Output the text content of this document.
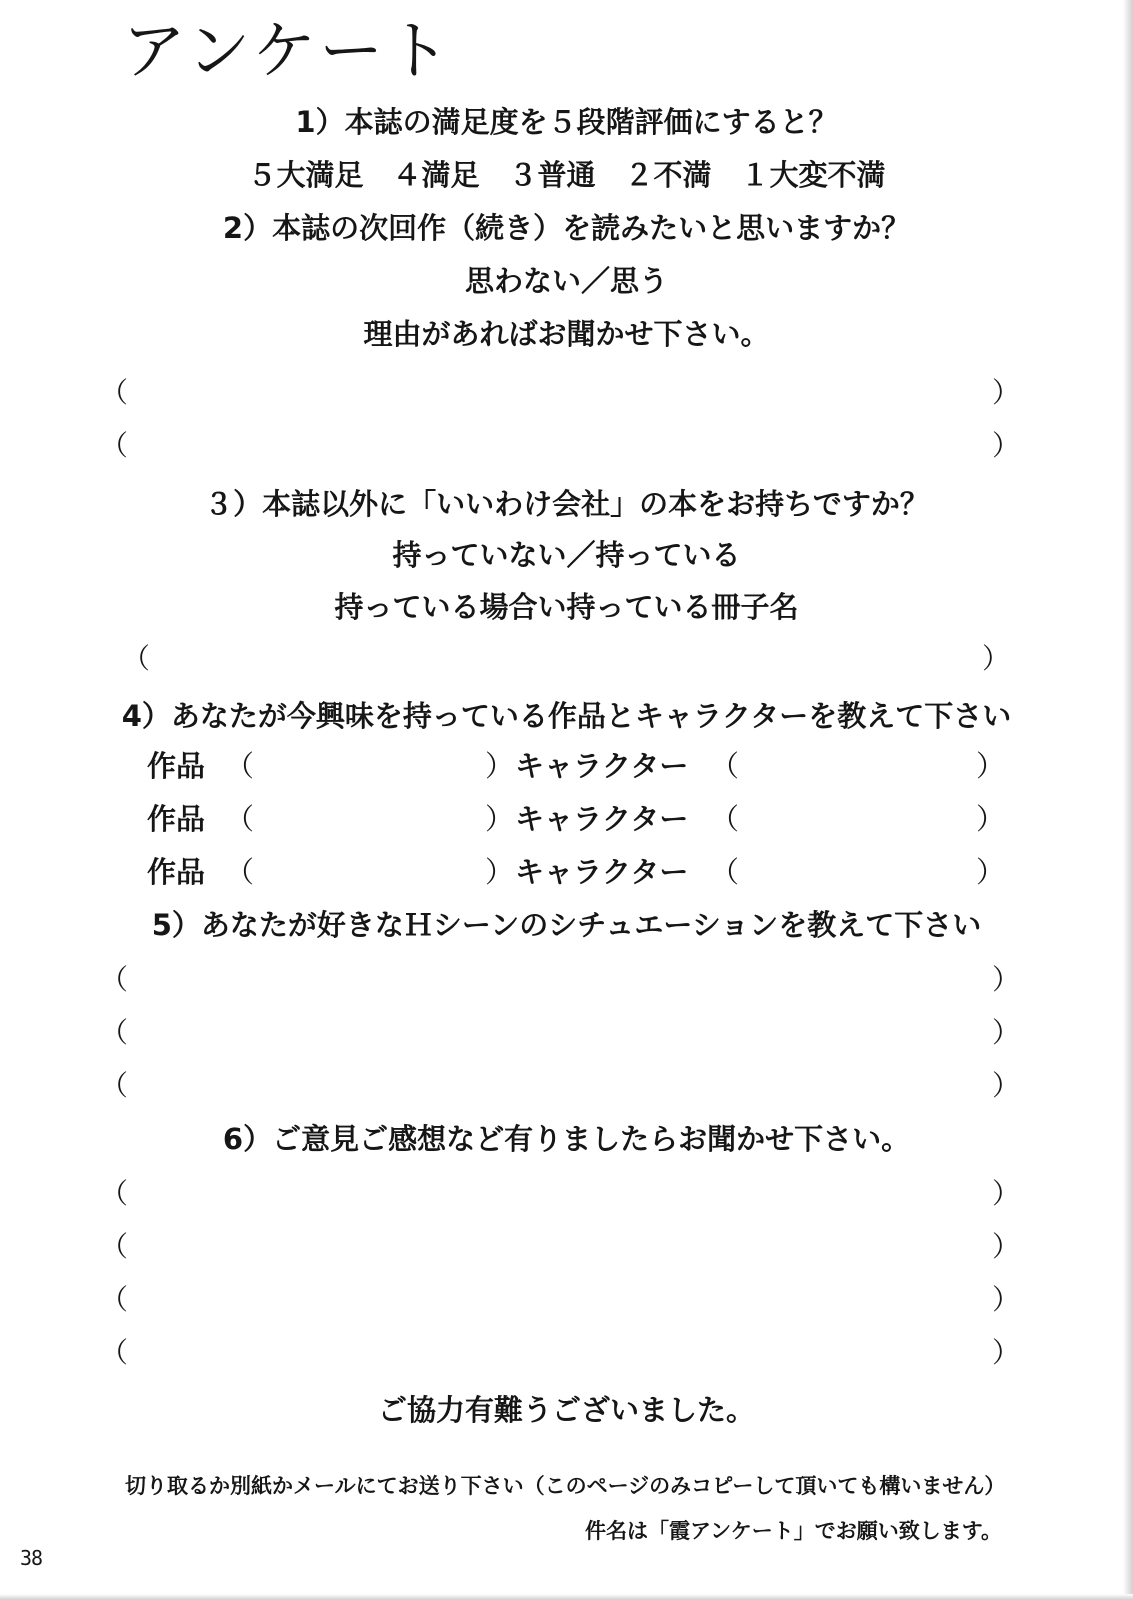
アンケート
1）本誌の満足度を５段階評価にすると？
５大満足　４満足　３普通　２不満　１大変不満
2）本誌の次回作（続き）を読みたいと思いますか？
思わない／思う
理由があればお聞かせ下さい。
（	）
（	）
３）本誌以外に「いいわけ会社」の本をお持ちですか？
持っていない／持っている
持っている場合い持っている冊子名
（	）
4）あなたが今興味を持っている作品とキャラクターを教えて下さい
作品 （	） キャラクター （	）
作品 （	） キャラクター （	）
作品 （	） キャラクター （	）
5）あなたが好きなＨシーンのシチュエーションを教えて下さい
（	）
（	）
（	）
6）ご意見ご感想など有りましたらお聞かせ下さい。
（	）
（	）
（	）
（	）
ご協力有難うございました。
切り取るか別紙かメールにてお送り下さい（このページのみコピーして頂いても構いません）
件名は「霞アンケート」でお願い致します。
38
